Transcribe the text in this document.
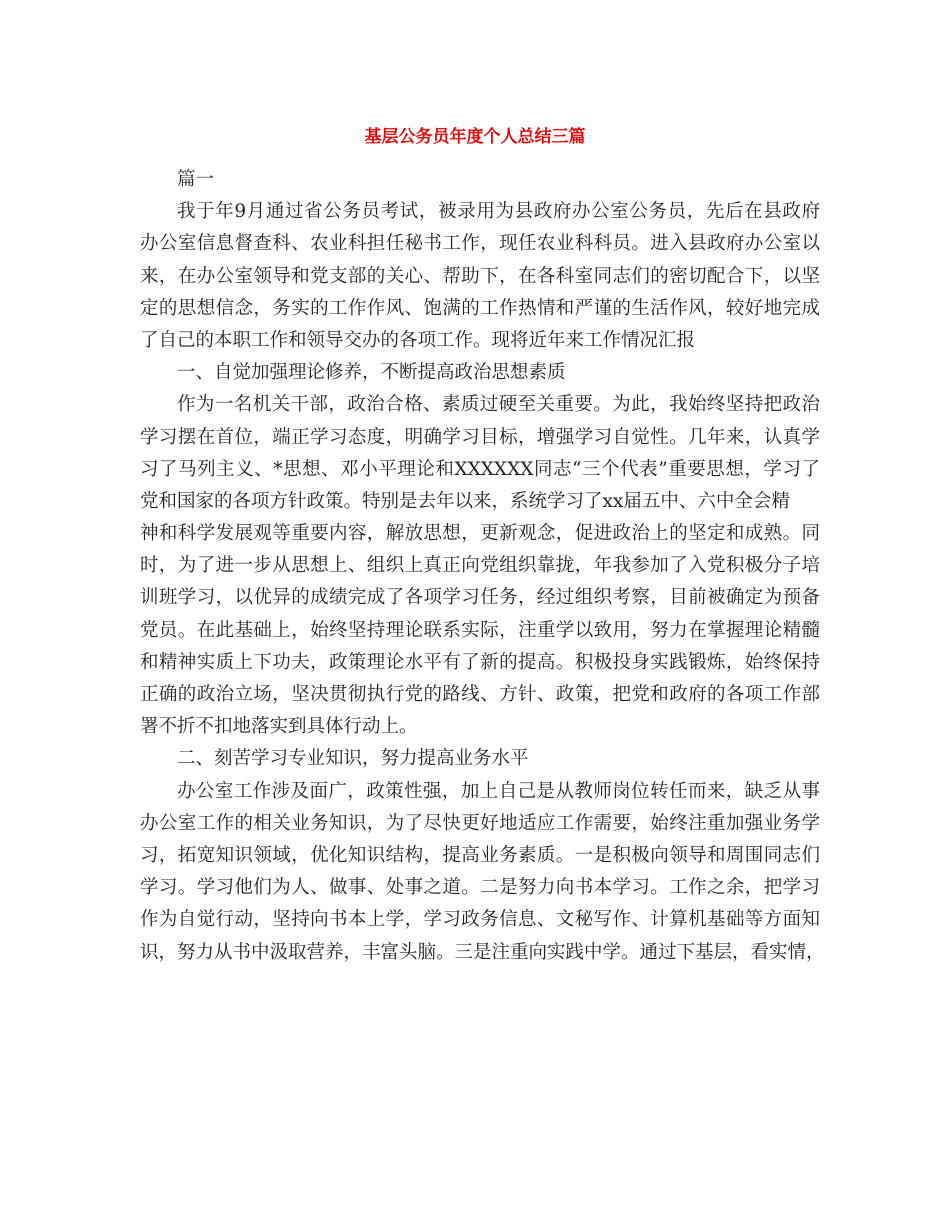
基层公务员年度个人总结三篇
篇一
我于年9月通过省公务员考试，被录用为县政府办公室公务员，先后在县政府
办公室信息督查科、农业科担任秘书工作，现任农业科科员。进入县政府办公室以
来，在办公室领导和党支部的关心、帮助下，在各科室同志们的密切配合下，以坚
定的思想信念，务实的工作作风、饱满的工作热情和严谨的生活作风，较好地完成
了自己的本职工作和领导交办的各项工作。现将近年来工作情况汇报
一、自觉加强理论修养，不断提高政治思想素质
作为一名机关干部，政治合格、素质过硬至关重要。为此，我始终坚持把政治
学习摆在首位，端正学习态度，明确学习目标，增强学习自觉性。几年来，认真学
习了马列主义、*思想、邓小平理论和XXXXXX同志“三个代表”重要思想，学习了
党和国家的各项方针政策。特别是去年以来，系统学习了xx届五中、六中全会精
神和科学发展观等重要内容，解放思想，更新观念，促进政治上的坚定和成熟。同
时，为了进一步从思想上、组织上真正向党组织靠拢，年我参加了入党积极分子培
训班学习，以优异的成绩完成了各项学习任务，经过组织考察，目前被确定为预备
党员。在此基础上，始终坚持理论联系实际，注重学以致用，努力在掌握理论精髓
和精神实质上下功夫，政策理论水平有了新的提高。积极投身实践锻炼，始终保持
正确的政治立场，坚决贯彻执行党的路线、方针、政策，把党和政府的各项工作部
署不折不扣地落实到具体行动上。
二、刻苦学习专业知识，努力提高业务水平
办公室工作涉及面广，政策性强，加上自己是从教师岗位转任而来，缺乏从事
办公室工作的相关业务知识，为了尽快更好地适应工作需要，始终注重加强业务学
习，拓宽知识领域，优化知识结构，提高业务素质。一是积极向领导和周围同志们
学习。学习他们为人、做事、处事之道。二是努力向书本学习。工作之余，把学习
作为自觉行动，坚持向书本上学，学习政务信息、文秘写作、计算机基础等方面知
识，努力从书中汲取营养，丰富头脑。三是注重向实践中学。通过下基层，看实情，
